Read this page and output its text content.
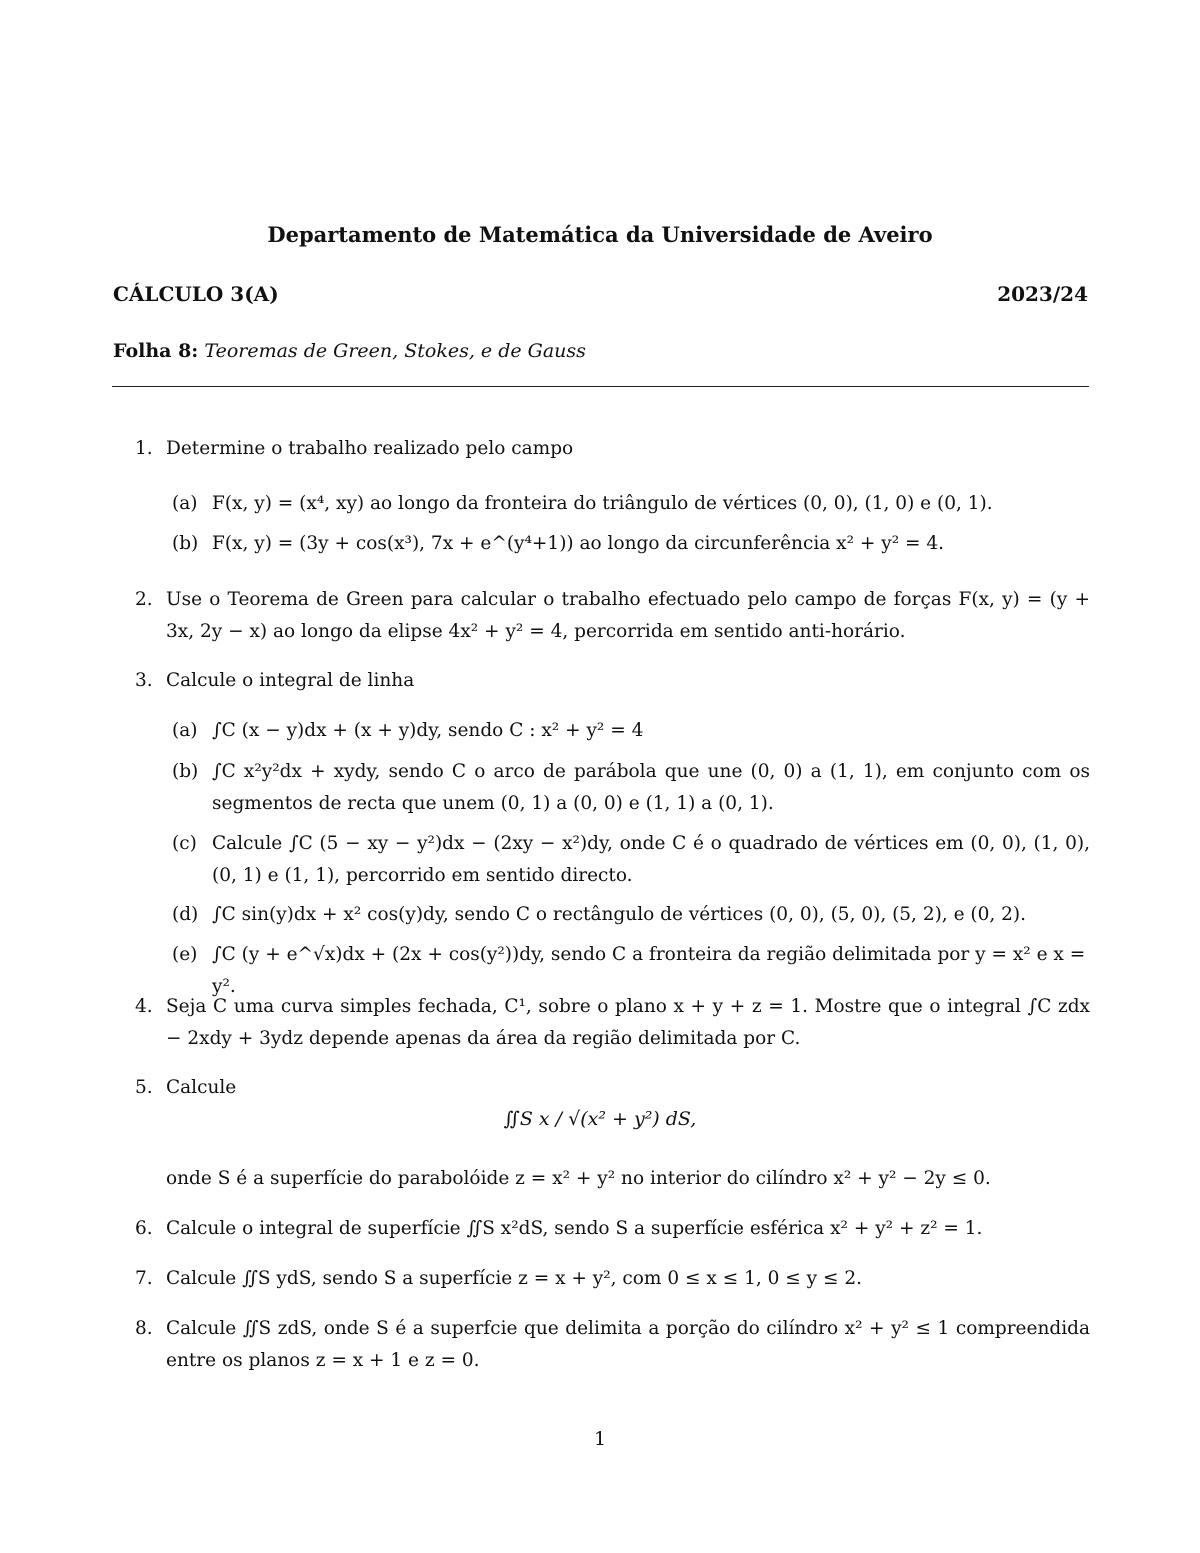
Departamento de Matemática da Universidade de Aveiro
CÁLCULO 3(A)	2023/24
Folha 8: Teoremas de Green, Stokes, e de Gauss
1. Determine o trabalho realizado pelo campo
(a) F(x, y) = (x⁴, xy) ao longo da fronteira do triângulo de vértices (0, 0), (1, 0) e (0, 1).
(b) F(x, y) = (3y + cos(x³), 7x + e^(y⁴+1)) ao longo da circunferência x² + y² = 4.
2. Use o Teorema de Green para calcular o trabalho efectuado pelo campo de forças F(x, y) = (y + 3x, 2y − x) ao longo da elipse 4x² + y² = 4, percorrida em sentido anti-horário.
3. Calcule o integral de linha
(a) ∫C (x − y)dx + (x + y)dy, sendo C : x² + y² = 4
(b) ∫C x²y²dx + xydy, sendo C o arco de parábola que une (0, 0) a (1, 1), em conjunto com os segmentos de recta que unem (0, 1) a (0, 0) e (1, 1) a (0, 1).
(c) Calcule ∫C (5 − xy − y²)dx − (2xy − x²)dy, onde C é o quadrado de vértices em (0, 0), (1, 0), (0, 1) e (1, 1), percorrido em sentido directo.
(d) ∫C sin(y)dx + x² cos(y)dy, sendo C o rectângulo de vértices (0, 0), (5, 0), (5, 2), e (0, 2).
(e) ∫C (y + e^√x)dx + (2x + cos(y²))dy, sendo C a fronteira da região delimitada por y = x² e x = y².
4. Seja C uma curva simples fechada, C¹, sobre o plano x + y + z = 1. Mostre que o integral ∫C zdx − 2xdy + 3ydz depende apenas da área da região delimitada por C.
5. Calcule
∬S x / √(x² + y²) dS,
onde S é a superfície do parabolóide z = x² + y² no interior do cilíndro x² + y² − 2y ≤ 0.
6. Calcule o integral de superfície ∬S x²dS, sendo S a superfície esférica x² + y² + z² = 1.
7. Calcule ∬S ydS, sendo S a superfície z = x + y², com 0 ≤ x ≤ 1, 0 ≤ y ≤ 2.
8. Calcule ∬S zdS, onde S é a superfcie que delimita a porção do cilíndro x² + y² ≤ 1 compreendida entre os planos z = x + 1 e z = 0.
1
